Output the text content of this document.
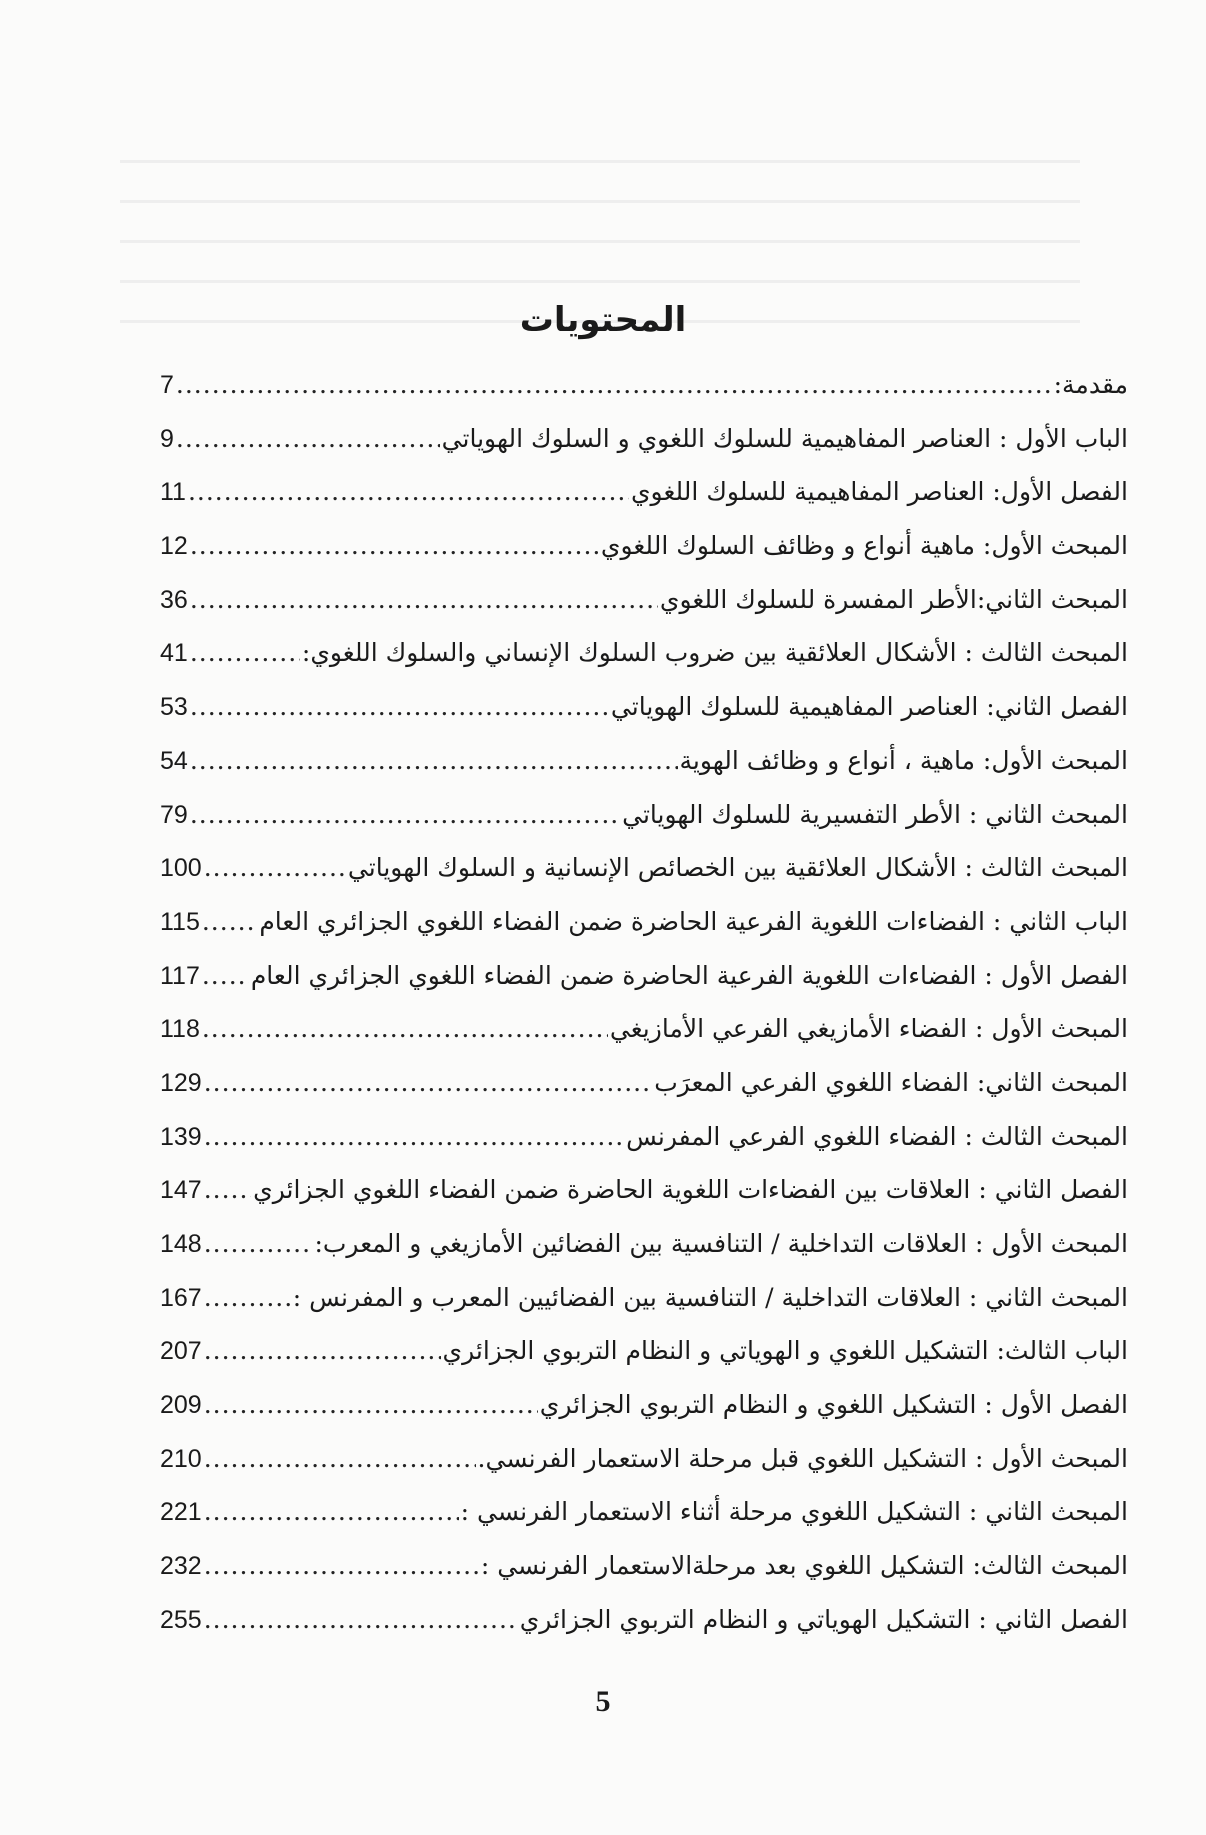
المحتويات
مقدمة:
.....
7
الباب الأول : العناصر المفاهيمية للسلوك اللغوي و السلوك الهوياتي
.....
9
الفصل الأول: العناصر المفاهيمية للسلوك اللغوي
.....
11
المبحث الأول: ماهية أنواع و وظائف السلوك اللغوي
.....
12
المبحث الثاني:الأطر المفسرة للسلوك اللغوي
.....
36
المبحث الثالث : الأشكال العلائقية بين ضروب السلوك الإنساني والسلوك اللغوي:
.....
41
الفصل الثاني: العناصر المفاهيمية للسلوك الهوياتي
.....
53
المبحث الأول: ماهية ، أنواع و وظائف الهوية
.....
54
المبحث الثاني : الأطر التفسيرية للسلوك الهوياتي
.....
79
المبحث الثالث : الأشكال العلائقية بين الخصائص الإنسانية و السلوك الهوياتي
.....
100
الباب الثاني : الفضاءات اللغوية الفرعية الحاضرة ضمن الفضاء اللغوي الجزائري العام
.....
115
الفصل الأول : الفضاءات اللغوية الفرعية الحاضرة ضمن الفضاء اللغوي الجزائري العام
.....
117
المبحث الأول : الفضاء الأمازيغي الفرعي الأمازيغي
.....
118
المبحث الثاني: الفضاء اللغوي الفرعي المعرَب
.....
129
المبحث الثالث : الفضاء اللغوي الفرعي المفرنس
.....
139
الفصل الثاني : العلاقات بين الفضاءات اللغوية الحاضرة ضمن الفضاء اللغوي الجزائري
.....
147
المبحث الأول : العلاقات التداخلية / التنافسية بين الفضائين الأمازيغي و المعرب:
.....
148
المبحث الثاني : العلاقات التداخلية / التنافسية بين الفضائيين المعرب و المفرنس :
.....
167
الباب الثالث: التشكيل اللغوي و الهوياتي و النظام التربوي الجزائري
.....
207
الفصل الأول : التشكيل اللغوي و النظام التربوي الجزائري
.....
209
المبحث الأول : التشكيل اللغوي قبل مرحلة الاستعمار الفرنسي.
.....
210
المبحث الثاني : التشكيل اللغوي مرحلة أثناء الاستعمار الفرنسي :
.....
221
المبحث الثالث: التشكيل اللغوي بعد مرحلةالاستعمار الفرنسي :
.....
232
الفصل الثاني : التشكيل الهوياتي و النظام التربوي الجزائري
.....
255
5
